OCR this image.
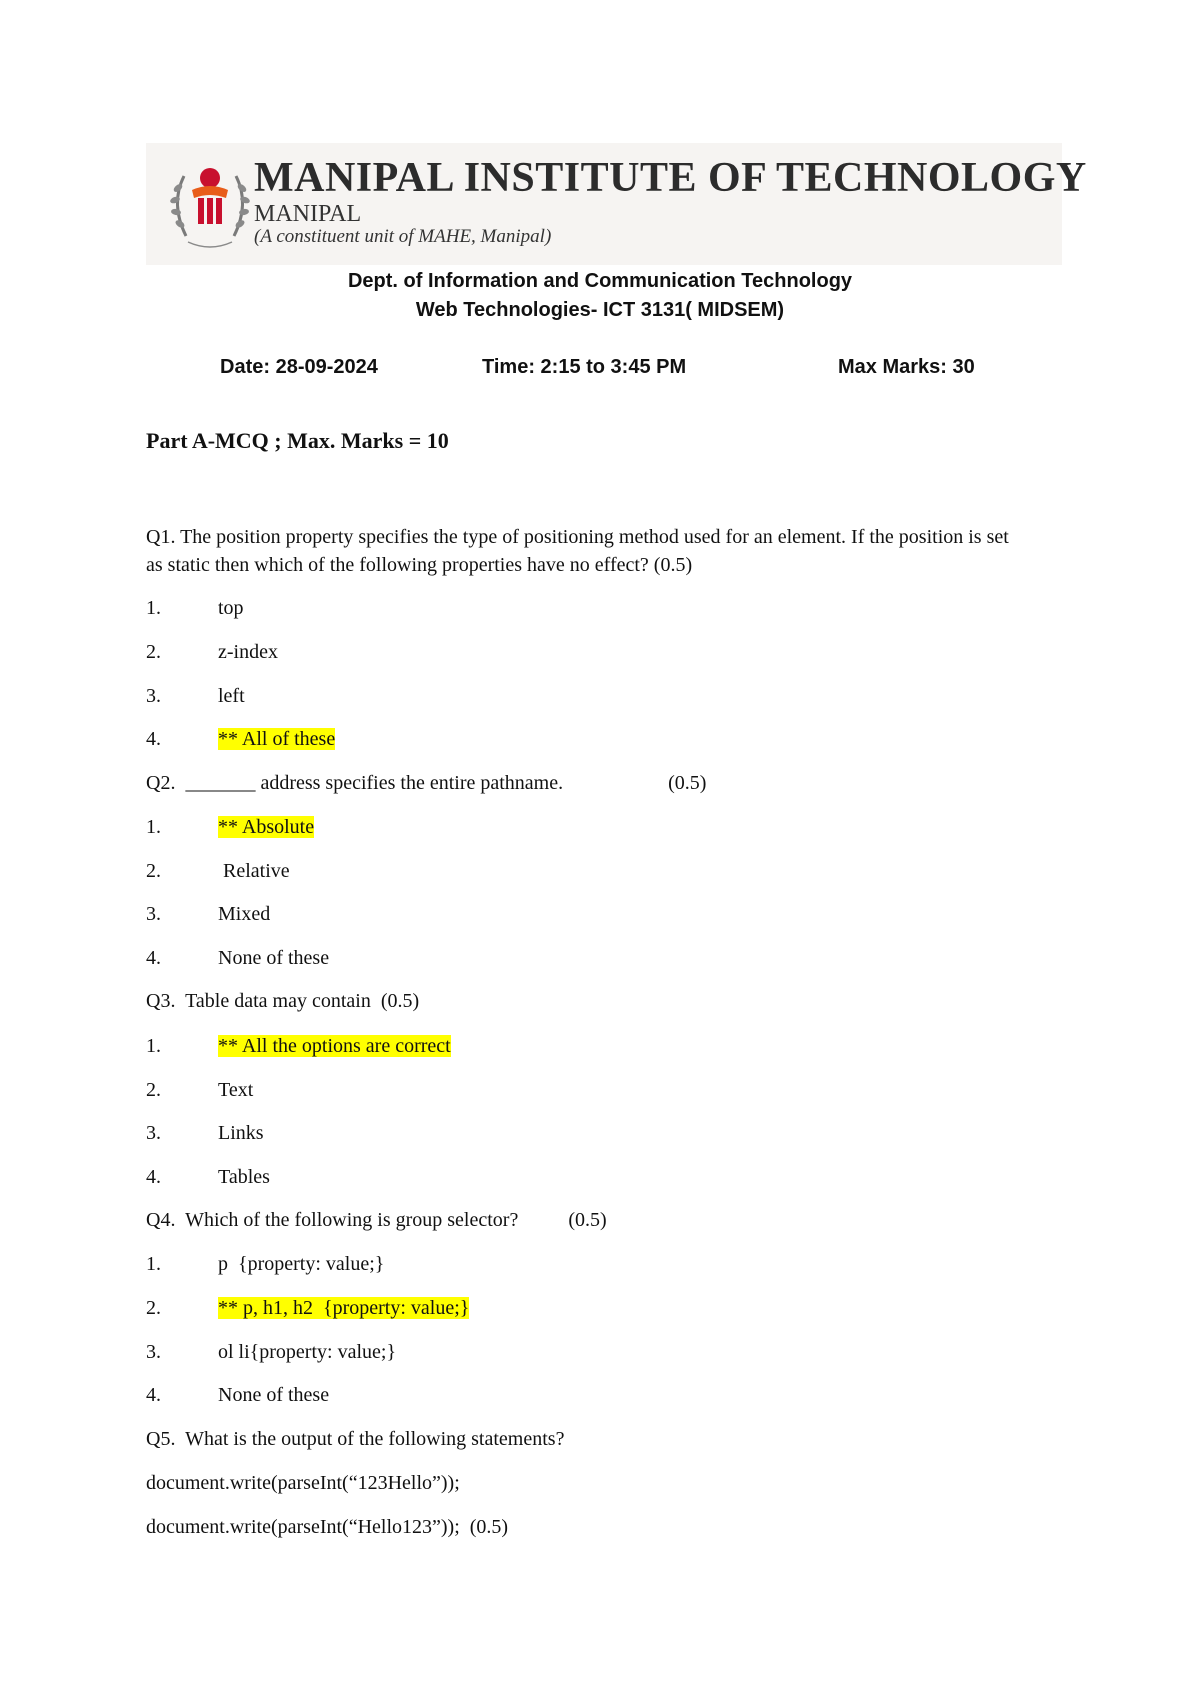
MANIPAL INSTITUTE OF TECHNOLOGY
MANIPAL
(A constituent unit of MAHE, Manipal)
Dept. of Information and Communication Technology
Web Technologies- ICT 3131( MIDSEM)
Date: 28-09-2024	Time: 2:15 to 3:45 PM	Max Marks: 30
Part A-MCQ ; Max. Marks = 10
Q1. The position property specifies the type of positioning method used for an element. If the position is set as static then which of the following properties have no effect? (0.5)
1.	top
2.	z-index
3.	left
4.	** All of these
Q2.  _______ address specifies the entire pathname.                     (0.5)
1.	** Absolute
2.	Relative
3.	Mixed
4.	None of these
Q3.  Table data may contain  (0.5)
1.	** All the options are correct
2.	Text
3.	Links
4.	Tables
Q4.  Which of the following is group selector?          (0.5)
1.	p  {property: value;}
2.	** p, h1, h2  {property: value;}
3.	ol li{property: value;}
4.	None of these
Q5.  What is the output of the following statements?
document.write(parseInt(“123Hello”));
document.write(parseInt(“Hello123”));  (0.5)
